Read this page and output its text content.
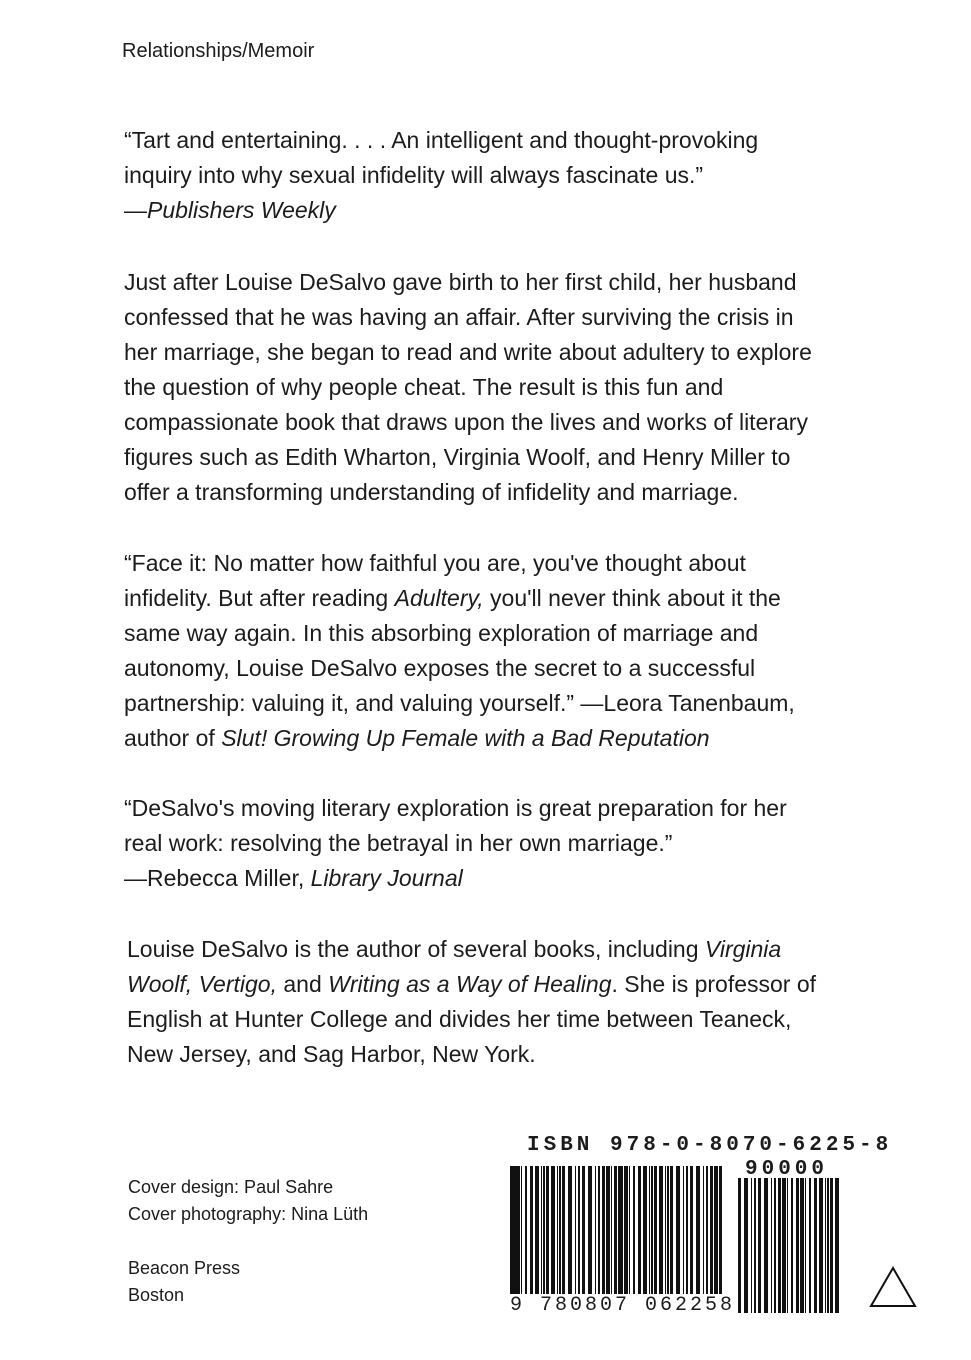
Relationships/Memoir
“Tart and entertaining. . . . An intelligent and thought-provoking
inquiry into why sexual infidelity will always fascinate us.”
—Publishers Weekly
Just after Louise DeSalvo gave birth to her first child, her husband
confessed that he was having an affair. After surviving the crisis in
her marriage, she began to read and write about adultery to explore
the question of why people cheat. The result is this fun and
compassionate book that draws upon the lives and works of literary
figures such as Edith Wharton, Virginia Woolf, and Henry Miller to
offer a transforming understanding of infidelity and marriage.
“Face it: No matter how faithful you are, you've thought about
infidelity. But after reading Adultery, you'll never think about it the
same way again. In this absorbing exploration of marriage and
autonomy, Louise DeSalvo exposes the secret to a successful
partnership: valuing it, and valuing yourself.” —Leora Tanenbaum,
author of Slut! Growing Up Female with a Bad Reputation
“DeSalvo's moving literary exploration is great preparation for her
real work: resolving the betrayal in her own marriage.”
—Rebecca Miller, Library Journal
Louise DeSalvo is the author of several books, including Virginia
Woolf, Vertigo, and Writing as a Way of Healing. She is professor of
English at Hunter College and divides her time between Teaneck,
New Jersey, and Sag Harbor, New York.
Cover design: Paul Sahre
Cover photography: Nina Lüth
Beacon Press
Boston
ISBN 978-0-8070-6225-8
90000
9 780807 062258
